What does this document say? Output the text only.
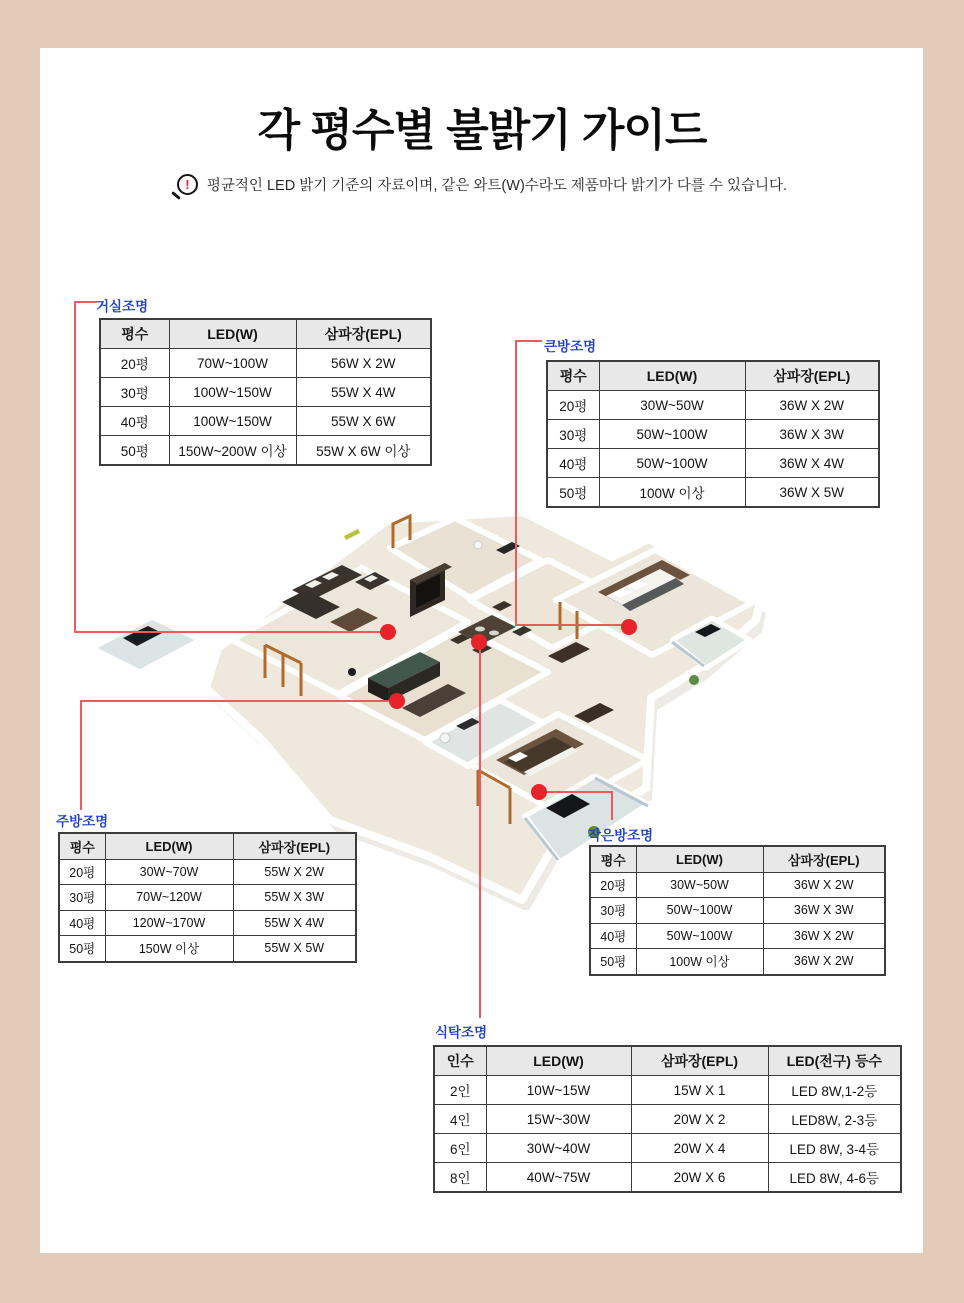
각 평수별 불밝기 가이드
! 평균적인 LED 밝기 기준의 자료이며, 같은 와트(W)수라도 제품마다 밝기가 다를 수 있습니다.
거실조명
큰방조명
주방조명
작은방조명
식탁조명
평수	LED(W)	삼파장(EPL)
20평	70W~100W	56W X 2W
30평	100W~150W	55W X 4W
40평	100W~150W	55W X 6W
50평	150W~200W 이상	55W X 6W 이상
평수	LED(W)	삼파장(EPL)
20평	30W~50W	36W X 2W
30평	50W~100W	36W X 3W
40평	50W~100W	36W X 4W
50평	100W 이상	36W X 5W
평수	LED(W)	삼파장(EPL)
20평	30W~70W	55W X 2W
30평	70W~120W	55W X 3W
40평	120W~170W	55W X 4W
50평	150W 이상	55W X 5W
평수	LED(W)	삼파장(EPL)
20평	30W~50W	36W X 2W
30평	50W~100W	36W X 3W
40평	50W~100W	36W X 2W
50평	100W 이상	36W X 2W
인수	LED(W)	삼파장(EPL)	LED(전구) 등수
2인	10W~15W	15W X 1	LED 8W,1-2등
4인	15W~30W	20W X 2	LED8W, 2-3등
6인	30W~40W	20W X 4	LED 8W, 3-4등
8인	40W~75W	20W X 6	LED 8W, 4-6등
